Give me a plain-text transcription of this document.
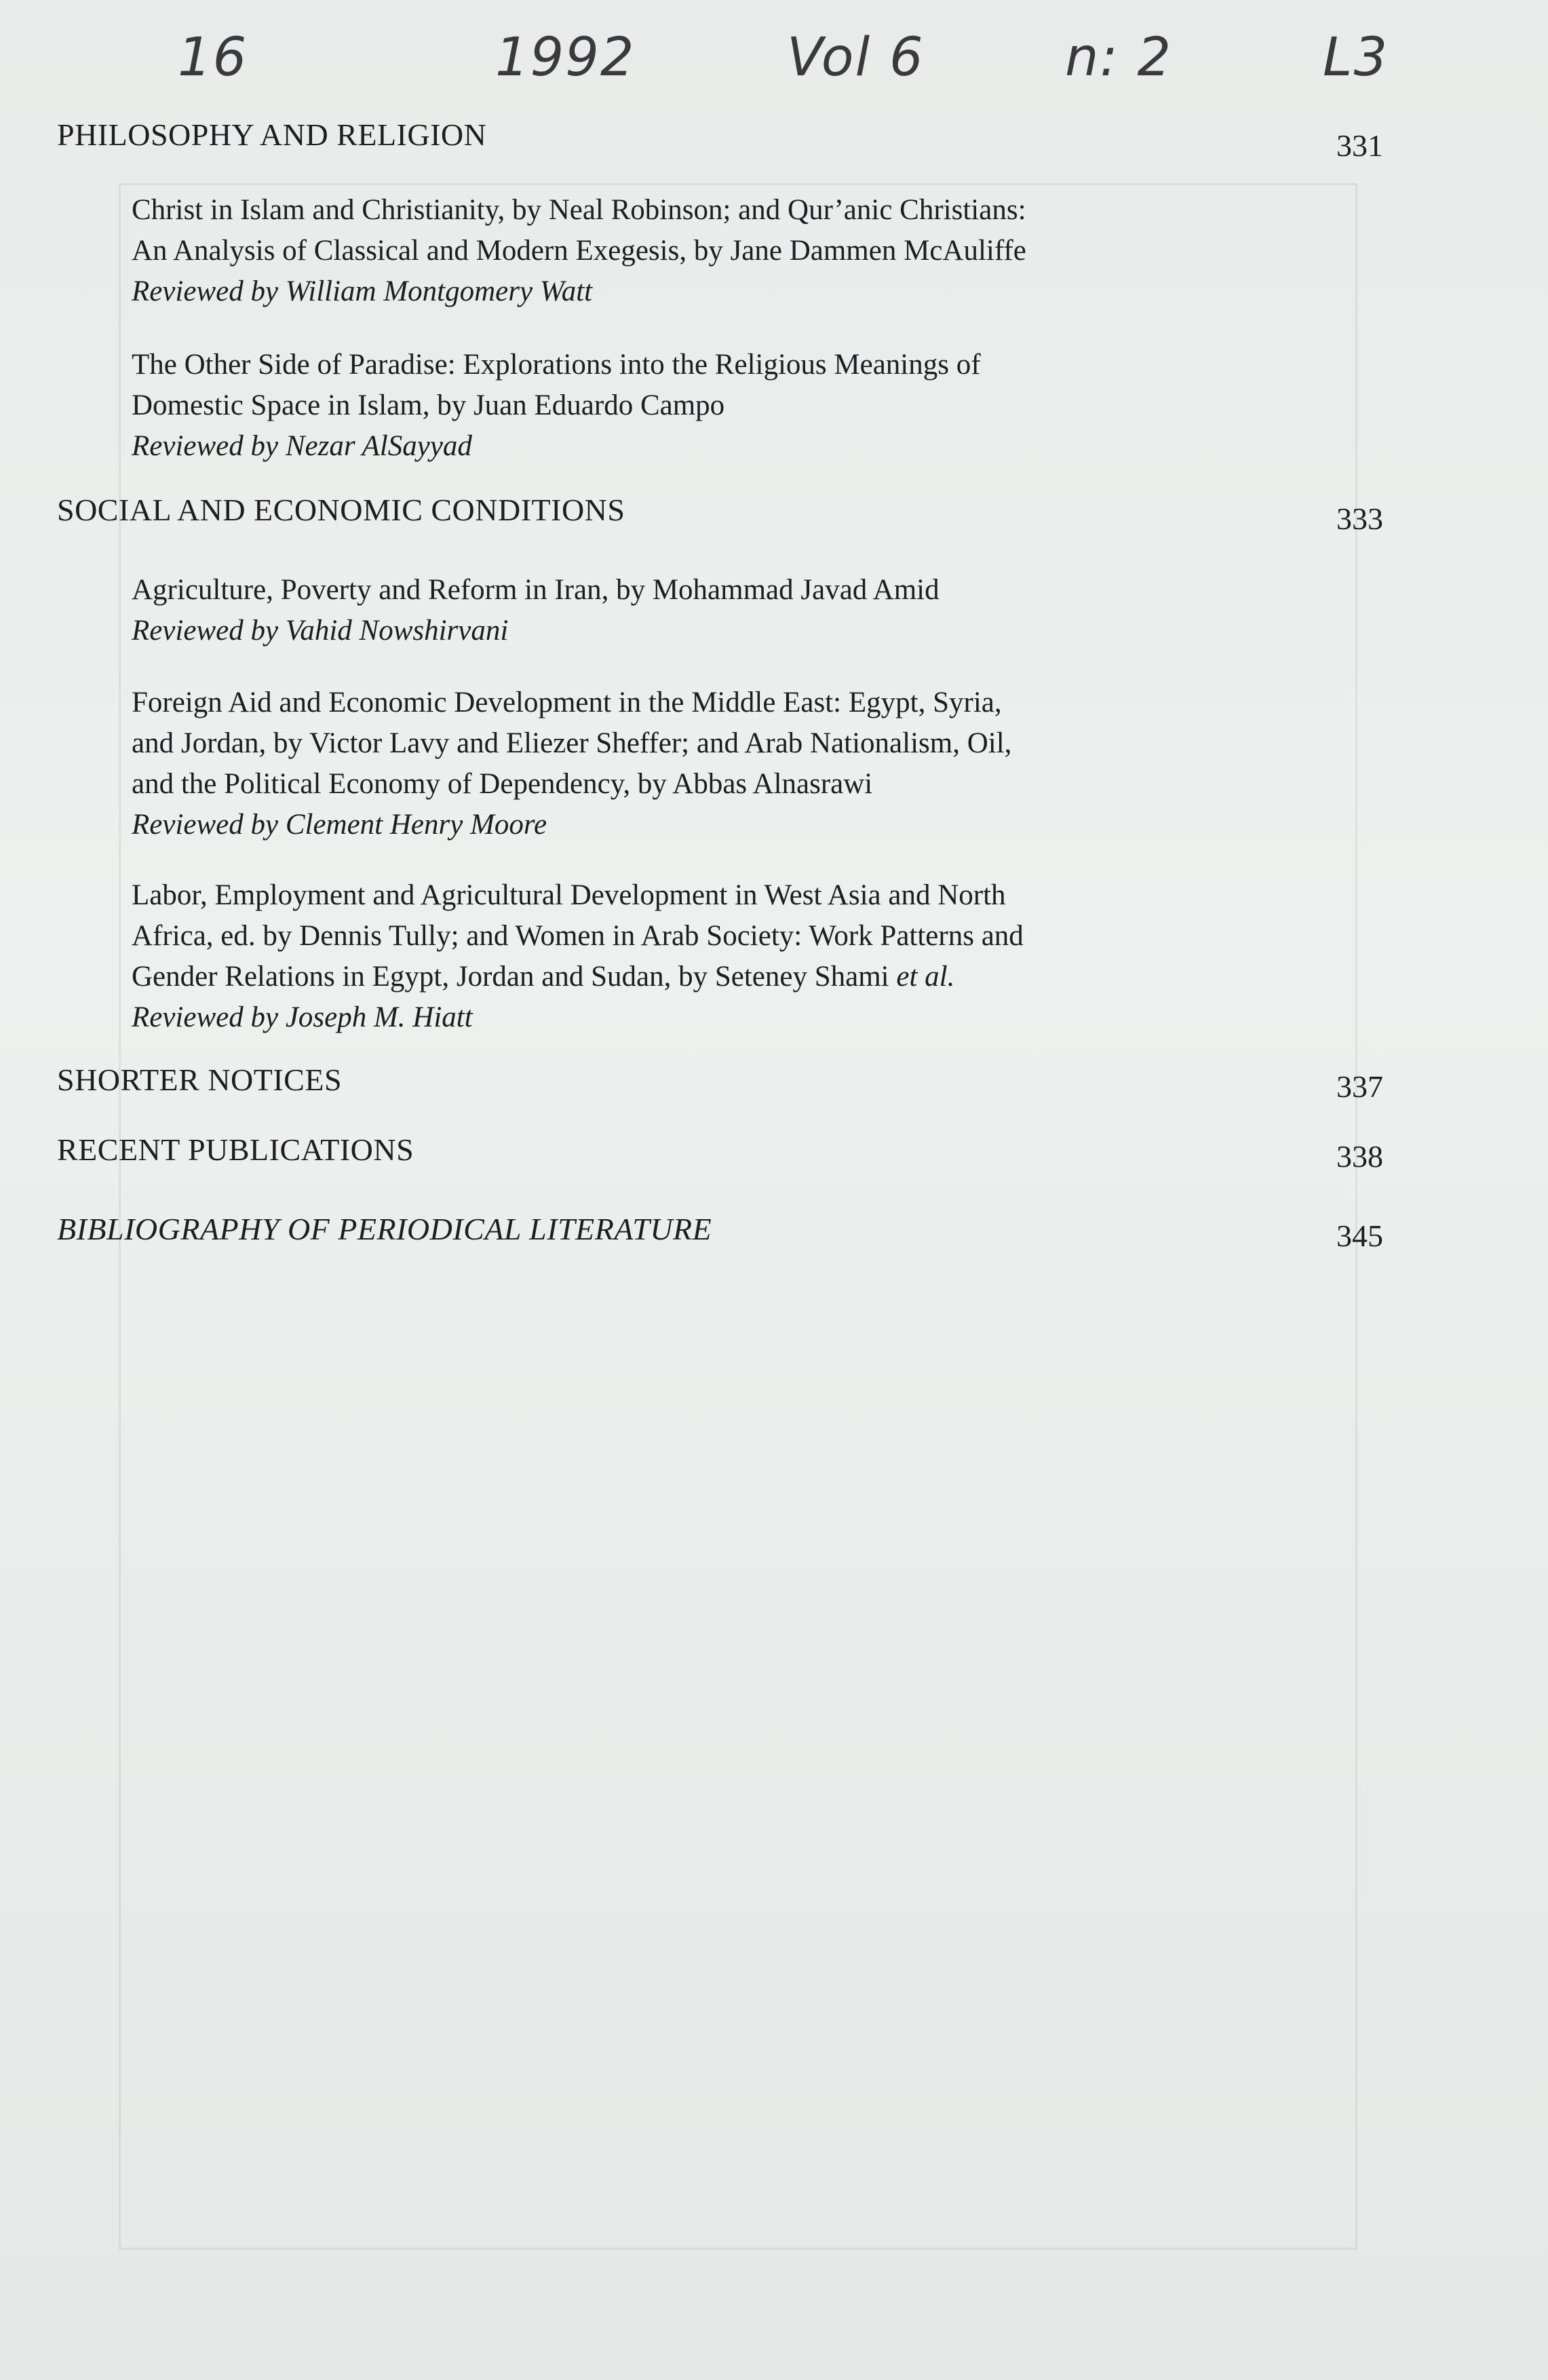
16	1992	Vol 6	n: 2	L3
PHILOSOPHY AND RELIGION	331
Christ in Islam and Christianity, by Neal Robinson; and Qur’anic Christians:
An Analysis of Classical and Modern Exegesis, by Jane Dammen McAuliffe
Reviewed by William Montgomery Watt
The Other Side of Paradise: Explorations into the Religious Meanings of
Domestic Space in Islam, by Juan Eduardo Campo
Reviewed by Nezar AlSayyad
SOCIAL AND ECONOMIC CONDITIONS	333
Agriculture, Poverty and Reform in Iran, by Mohammad Javad Amid
Reviewed by Vahid Nowshirvani
Foreign Aid and Economic Development in the Middle East: Egypt, Syria,
and Jordan, by Victor Lavy and Eliezer Sheffer; and Arab Nationalism, Oil,
and the Political Economy of Dependency, by Abbas Alnasrawi
Reviewed by Clement Henry Moore
Labor, Employment and Agricultural Development in West Asia and North
Africa, ed. by Dennis Tully; and Women in Arab Society: Work Patterns and
Gender Relations in Egypt, Jordan and Sudan, by Seteney Shami et al.
Reviewed by Joseph M. Hiatt
SHORTER NOTICES	337
RECENT PUBLICATIONS	338
BIBLIOGRAPHY OF PERIODICAL LITERATURE	345
